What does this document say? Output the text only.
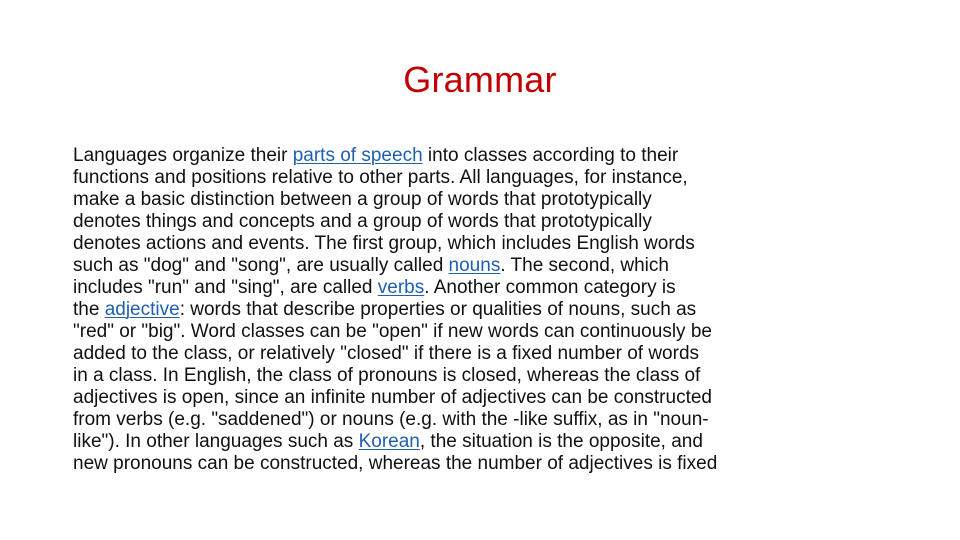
Grammar
Languages organize their parts of speech into classes according to their
functions and positions relative to other parts. All languages, for instance,
make a basic distinction between a group of words that prototypically
denotes things and concepts and a group of words that prototypically
denotes actions and events. The first group, which includes English words
such as "dog" and "song", are usually called nouns. The second, which
includes "run" and "sing", are called verbs. Another common category is
the adjective: words that describe properties or qualities of nouns, such as
"red" or "big". Word classes can be "open" if new words can continuously be
added to the class, or relatively "closed" if there is a fixed number of words
in a class. In English, the class of pronouns is closed, whereas the class of
adjectives is open, since an infinite number of adjectives can be constructed
from verbs (e.g. "saddened") or nouns (e.g. with the -like suffix, as in "noun-
like"). In other languages such as Korean, the situation is the opposite, and
new pronouns can be constructed, whereas the number of adjectives is fixed
